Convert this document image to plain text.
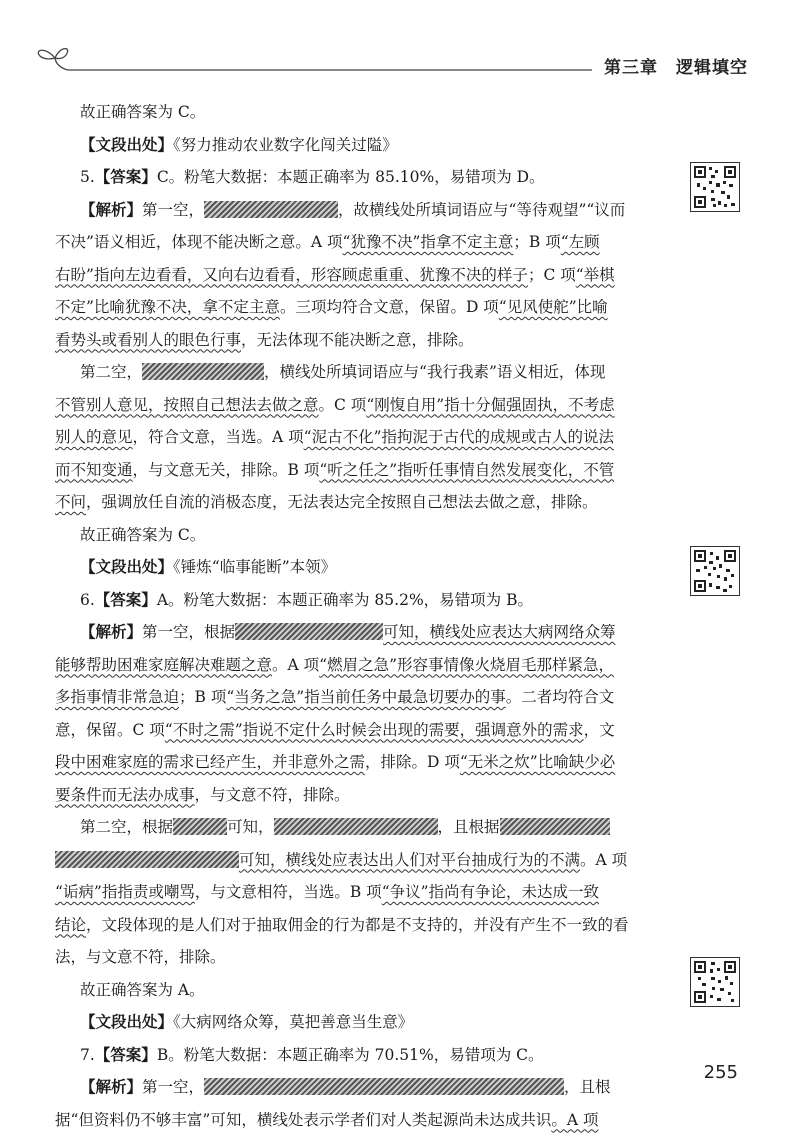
第三章　逻辑填空
故正确答案为 C。
【文段出处】《努力推动农业数字化闯关过隘》
5.【答案】C。粉笔大数据：本题正确率为 85.10%，易错项为 D。
【解析】第一空，	，故横线处所填词语应与“等待观望”“议而
不决”语义相近，体现不能决断之意。A 项“犹豫不决”指拿不定主意；B 项“左顾
右盼”指向左边看看，又向右边看看，形容顾虑重重、犹豫不决的样子；C 项“举棋
不定”比喻犹豫不决，拿不定主意。三项均符合文意，保留。D 项“见风使舵”比喻
看势头或看别人的眼色行事，无法体现不能决断之意，排除。
第二空，	，横线处所填词语应与“我行我素”语义相近，体现
不管别人意见，按照自己想法去做之意。C 项“刚愎自用”指十分倔强固执，不考虑
别人的意见，符合文意，当选。A 项“泥古不化”指拘泥于古代的成规或古人的说法
而不知变通，与文意无关，排除。B 项“听之任之”指听任事情自然发展变化，不管
不问，强调放任自流的消极态度，无法表达完全按照自己想法去做之意，排除。
故正确答案为 C。
【文段出处】《锤炼“临事能断”本领》
6.【答案】A。粉笔大数据：本题正确率为 85.2%，易错项为 B。
【解析】第一空，根据	可知，横线处应表达大病网络众筹
能够帮助困难家庭解决难题之意。A 项“燃眉之急”形容事情像火烧眉毛那样紧急，
多指事情非常急迫；B 项“当务之急”指当前任务中最急切要办的事。二者均符合文
意，保留。C 项“不时之需”指说不定什么时候会出现的需要，强调意外的需求，文
段中困难家庭的需求已经产生，并非意外之需，排除。D 项“无米之炊”比喻缺少必
要条件而无法办成事，与文意不符，排除。
第二空，根据	可知，	，且根据
可知，横线处应表达出人们对平台抽成行为的不满。A 项
“诟病”指指责或嘲骂，与文意相符，当选。B 项“争议”指尚有争论，未达成一致
结论，文段体现的是人们对于抽取佣金的行为都是不支持的，并没有产生不一致的看
法，与文意不符，排除。
故正确答案为 A。
【文段出处】《大病网络众筹，莫把善意当生意》
7.【答案】B。粉笔大数据：本题正确率为 70.51%，易错项为 C。
【解析】第一空，	，且根
据“但资料仍不够丰富”可知，横线处表示学者们对人类起源尚未达成共识。A 项
255
